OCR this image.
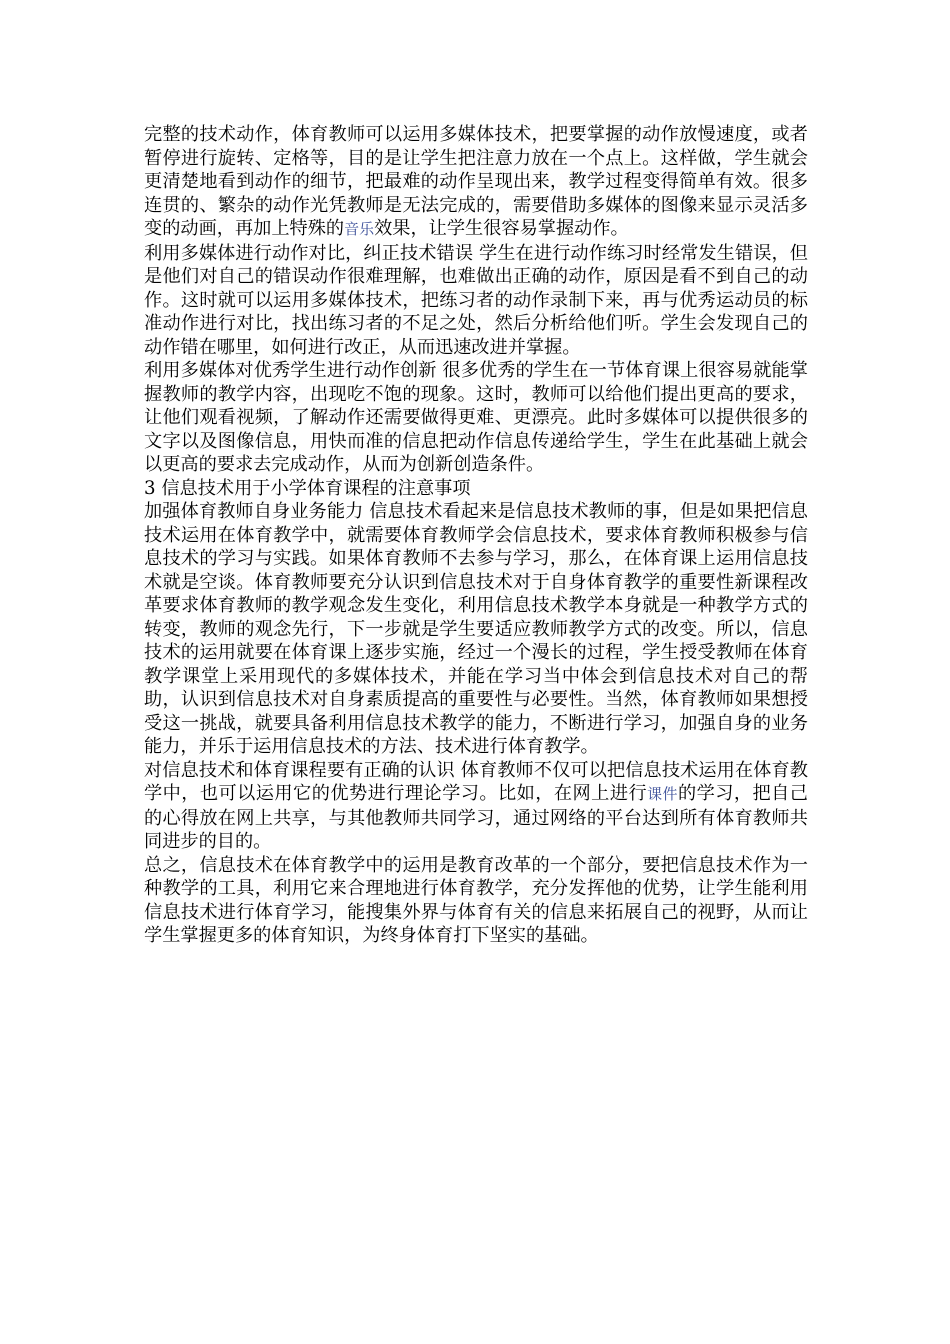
完整的技术动作，体育教师可以运用多媒体技术，把要掌握的动作放慢速度，或者暂停进行旋转、定格等，目的是让学生把注意力放在一个点上。这样做，学生就会更清楚地看到动作的细节，把最难的动作呈现出来，教学过程变得简单有效。很多连贯的、繁杂的动作光凭教师是无法完成的，需要借助多媒体的图像来显示灵活多变的动画，再加上特殊的音乐效果，让学生很容易掌握动作。

利用多媒体进行动作对比，纠正技术错误 学生在进行动作练习时经常发生错误，但是他们对自己的错误动作很难理解，也难做出正确的动作，原因是看不到自己的动作。这时就可以运用多媒体技术，把练习者的动作录制下来，再与优秀运动员的标准动作进行对比，找出练习者的不足之处，然后分析给他们听。学生会发现自己的动作错在哪里，如何进行改正，从而迅速改进并掌握。

利用多媒体对优秀学生进行动作创新 很多优秀的学生在一节体育课上很容易就能掌握教师的教学内容，出现吃不饱的现象。这时，教师可以给他们提出更高的要求，让他们观看视频，了解动作还需要做得更难、更漂亮。此时多媒体可以提供很多的文字以及图像信息，用快而准的信息把动作信息传递给学生，学生在此基础上就会以更高的要求去完成动作，从而为创新创造条件。

3 信息技术用于小学体育课程的注意事项

加强体育教师自身业务能力 信息技术看起来是信息技术教师的事，但是如果把信息技术运用在体育教学中，就需要体育教师学会信息技术，要求体育教师积极参与信息技术的学习与实践。如果体育教师不去参与学习，那么，在体育课上运用信息技术就是空谈。体育教师要充分认识到信息技术对于自身体育教学的重要性新课程改革要求体育教师的教学观念发生变化，利用信息技术教学本身就是一种教学方式的转变，教师的观念先行，下一步就是学生要适应教师教学方式的改变。所以，信息技术的运用就要在体育课上逐步实施，经过一个漫长的过程，学生授受教师在体育教学课堂上采用现代的多媒体技术，并能在学习当中体会到信息技术对自己的帮助，认识到信息技术对自身素质提高的重要性与必要性。当然，体育教师如果想授受这一挑战，就要具备利用信息技术教学的能力，不断进行学习，加强自身的业务能力，并乐于运用信息技术的方法、技术进行体育教学。

对信息技术和体育课程要有正确的认识 体育教师不仅可以把信息技术运用在体育教学中，也可以运用它的优势进行理论学习。比如，在网上进行课件的学习，把自己的心得放在网上共享，与其他教师共同学习，通过网络的平台达到所有体育教师共同进步的目的。

总之，信息技术在体育教学中的运用是教育改革的一个部分，要把信息技术作为一种教学的工具，利用它来合理地进行体育教学，充分发挥他的优势，让学生能利用信息技术进行体育学习，能搜集外界与体育有关的信息来拓展自己的视野，从而让学生掌握更多的体育知识，为终身体育打下坚实的基础。
